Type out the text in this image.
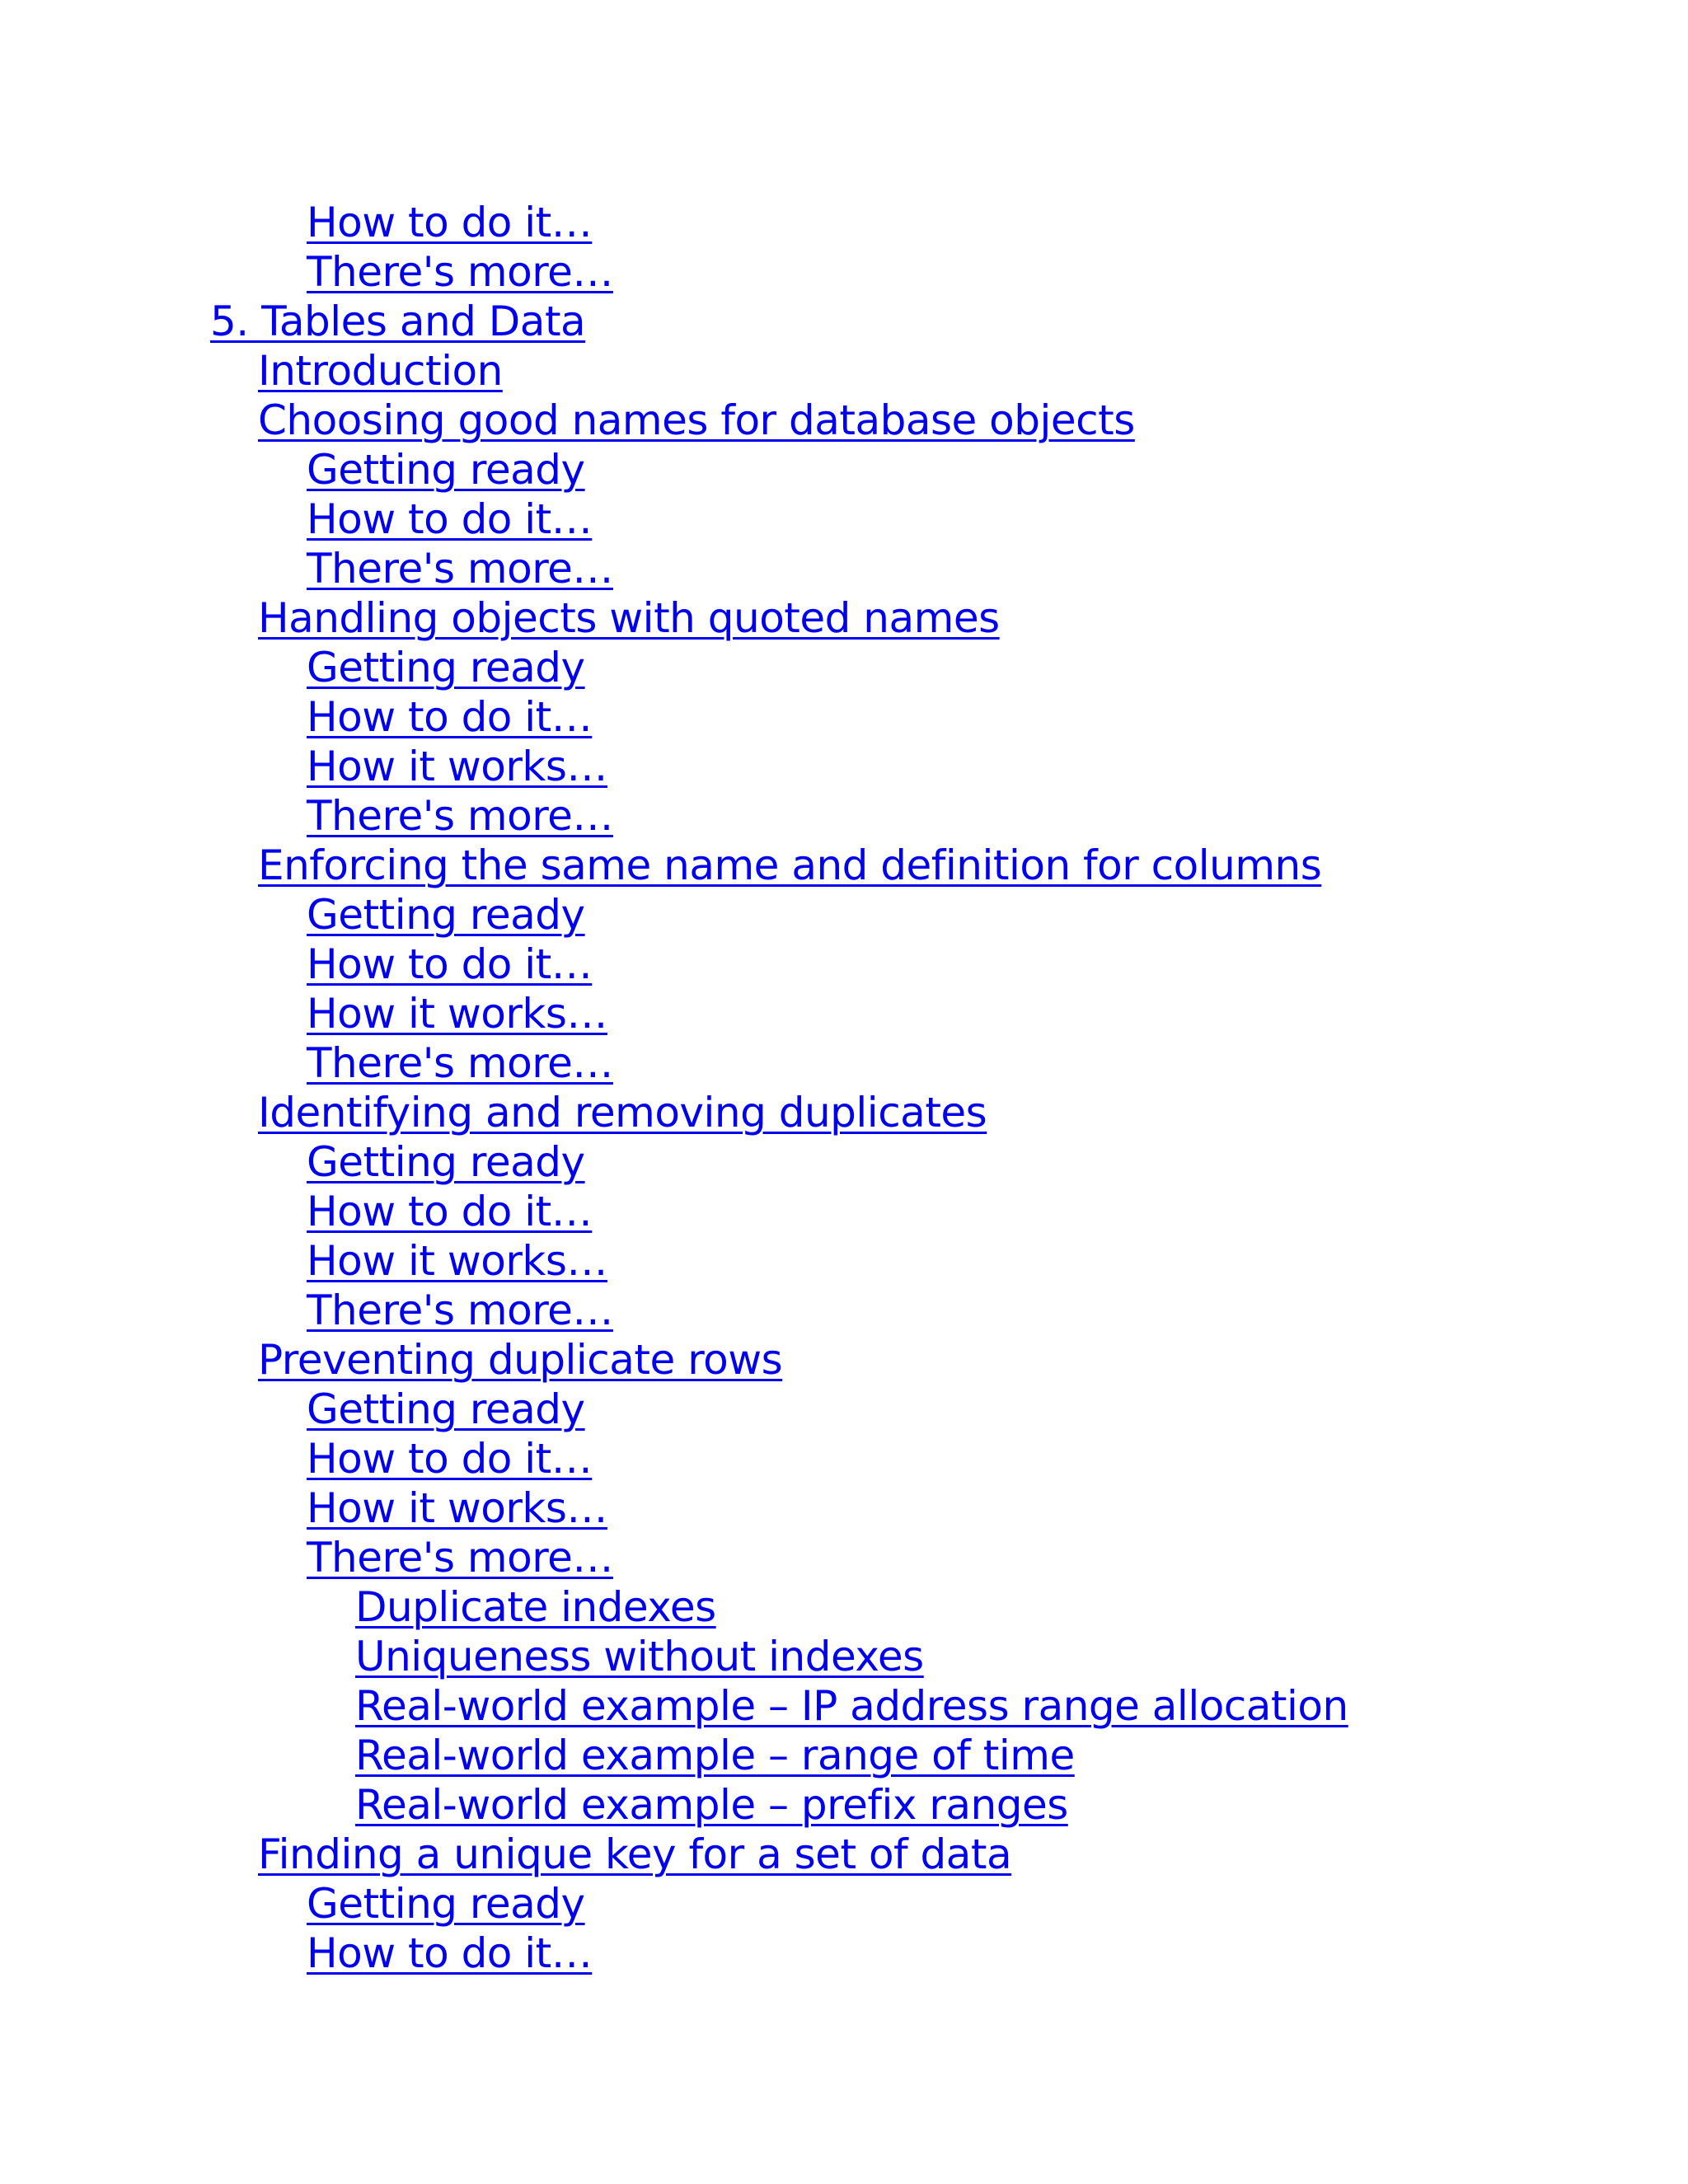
How to do it…
There's more…
5. Tables and Data
Introduction
Choosing good names for database objects
Getting ready
How to do it…
There's more…
Handling objects with quoted names
Getting ready
How to do it…
How it works…
There's more…
Enforcing the same name and definition for columns
Getting ready
How to do it…
How it works…
There's more…
Identifying and removing duplicates
Getting ready
How to do it…
How it works…
There's more…
Preventing duplicate rows
Getting ready
How to do it…
How it works…
There's more…
Duplicate indexes
Uniqueness without indexes
Real-world example – IP address range allocation
Real-world example – range of time
Real-world example – prefix ranges
Finding a unique key for a set of data
Getting ready
How to do it…
